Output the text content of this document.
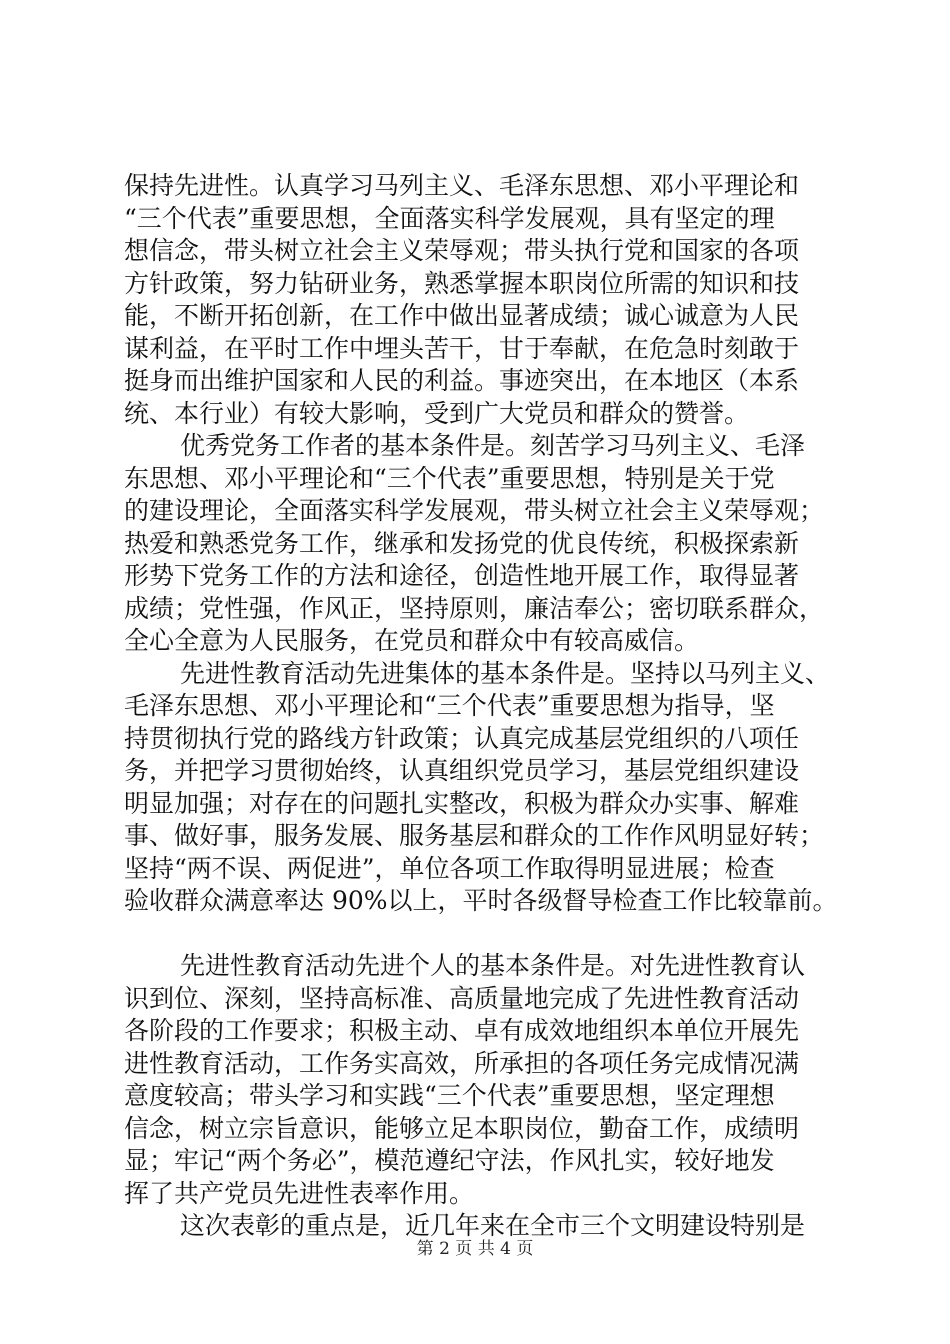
保持先进性。认真学习马列主义、毛泽东思想、邓小平理论和
“三个代表”重要思想，全面落实科学发展观，具有坚定的理
想信念，带头树立社会主义荣辱观；带头执行党和国家的各项
方针政策，努力钻研业务，熟悉掌握本职岗位所需的知识和技
能，不断开拓创新，在工作中做出显著成绩；诚心诚意为人民
谋利益，在平时工作中埋头苦干，甘于奉献，在危急时刻敢于
挺身而出维护国家和人民的利益。事迹突出，在本地区（本系
统、本行业）有较大影响，受到广大党员和群众的赞誉。
优秀党务工作者的基本条件是。刻苦学习马列主义、毛泽
东思想、邓小平理论和“三个代表”重要思想，特别是关于党
的建设理论，全面落实科学发展观，带头树立社会主义荣辱观；
热爱和熟悉党务工作，继承和发扬党的优良传统，积极探索新
形势下党务工作的方法和途径，创造性地开展工作，取得显著
成绩；党性强，作风正，坚持原则，廉洁奉公；密切联系群众，
全心全意为人民服务，在党员和群众中有较高威信。
先进性教育活动先进集体的基本条件是。坚持以马列主义、
毛泽东思想、邓小平理论和“三个代表”重要思想为指导，坚
持贯彻执行党的路线方针政策；认真完成基层党组织的八项任
务，并把学习贯彻始终，认真组织党员学习，基层党组织建设
明显加强；对存在的问题扎实整改，积极为群众办实事、解难
事、做好事，服务发展、服务基层和群众的工作作风明显好转；
坚持“两不误、两促进”，单位各项工作取得明显进展；检查
验收群众满意率达 90%以上，平时各级督导检查工作比较靠前。
先进性教育活动先进个人的基本条件是。对先进性教育认
识到位、深刻，坚持高标准、高质量地完成了先进性教育活动
各阶段的工作要求；积极主动、卓有成效地组织本单位开展先
进性教育活动，工作务实高效，所承担的各项任务完成情况满
意度较高；带头学习和实践“三个代表”重要思想，坚定理想
信念，树立宗旨意识，能够立足本职岗位，勤奋工作，成绩明
显；牢记“两个务必”，模范遵纪守法，作风扎实，较好地发
挥了共产党员先进性表率作用。
这次表彰的重点是，近几年来在全市三个文明建设特别是
第 2 页 共 4 页
